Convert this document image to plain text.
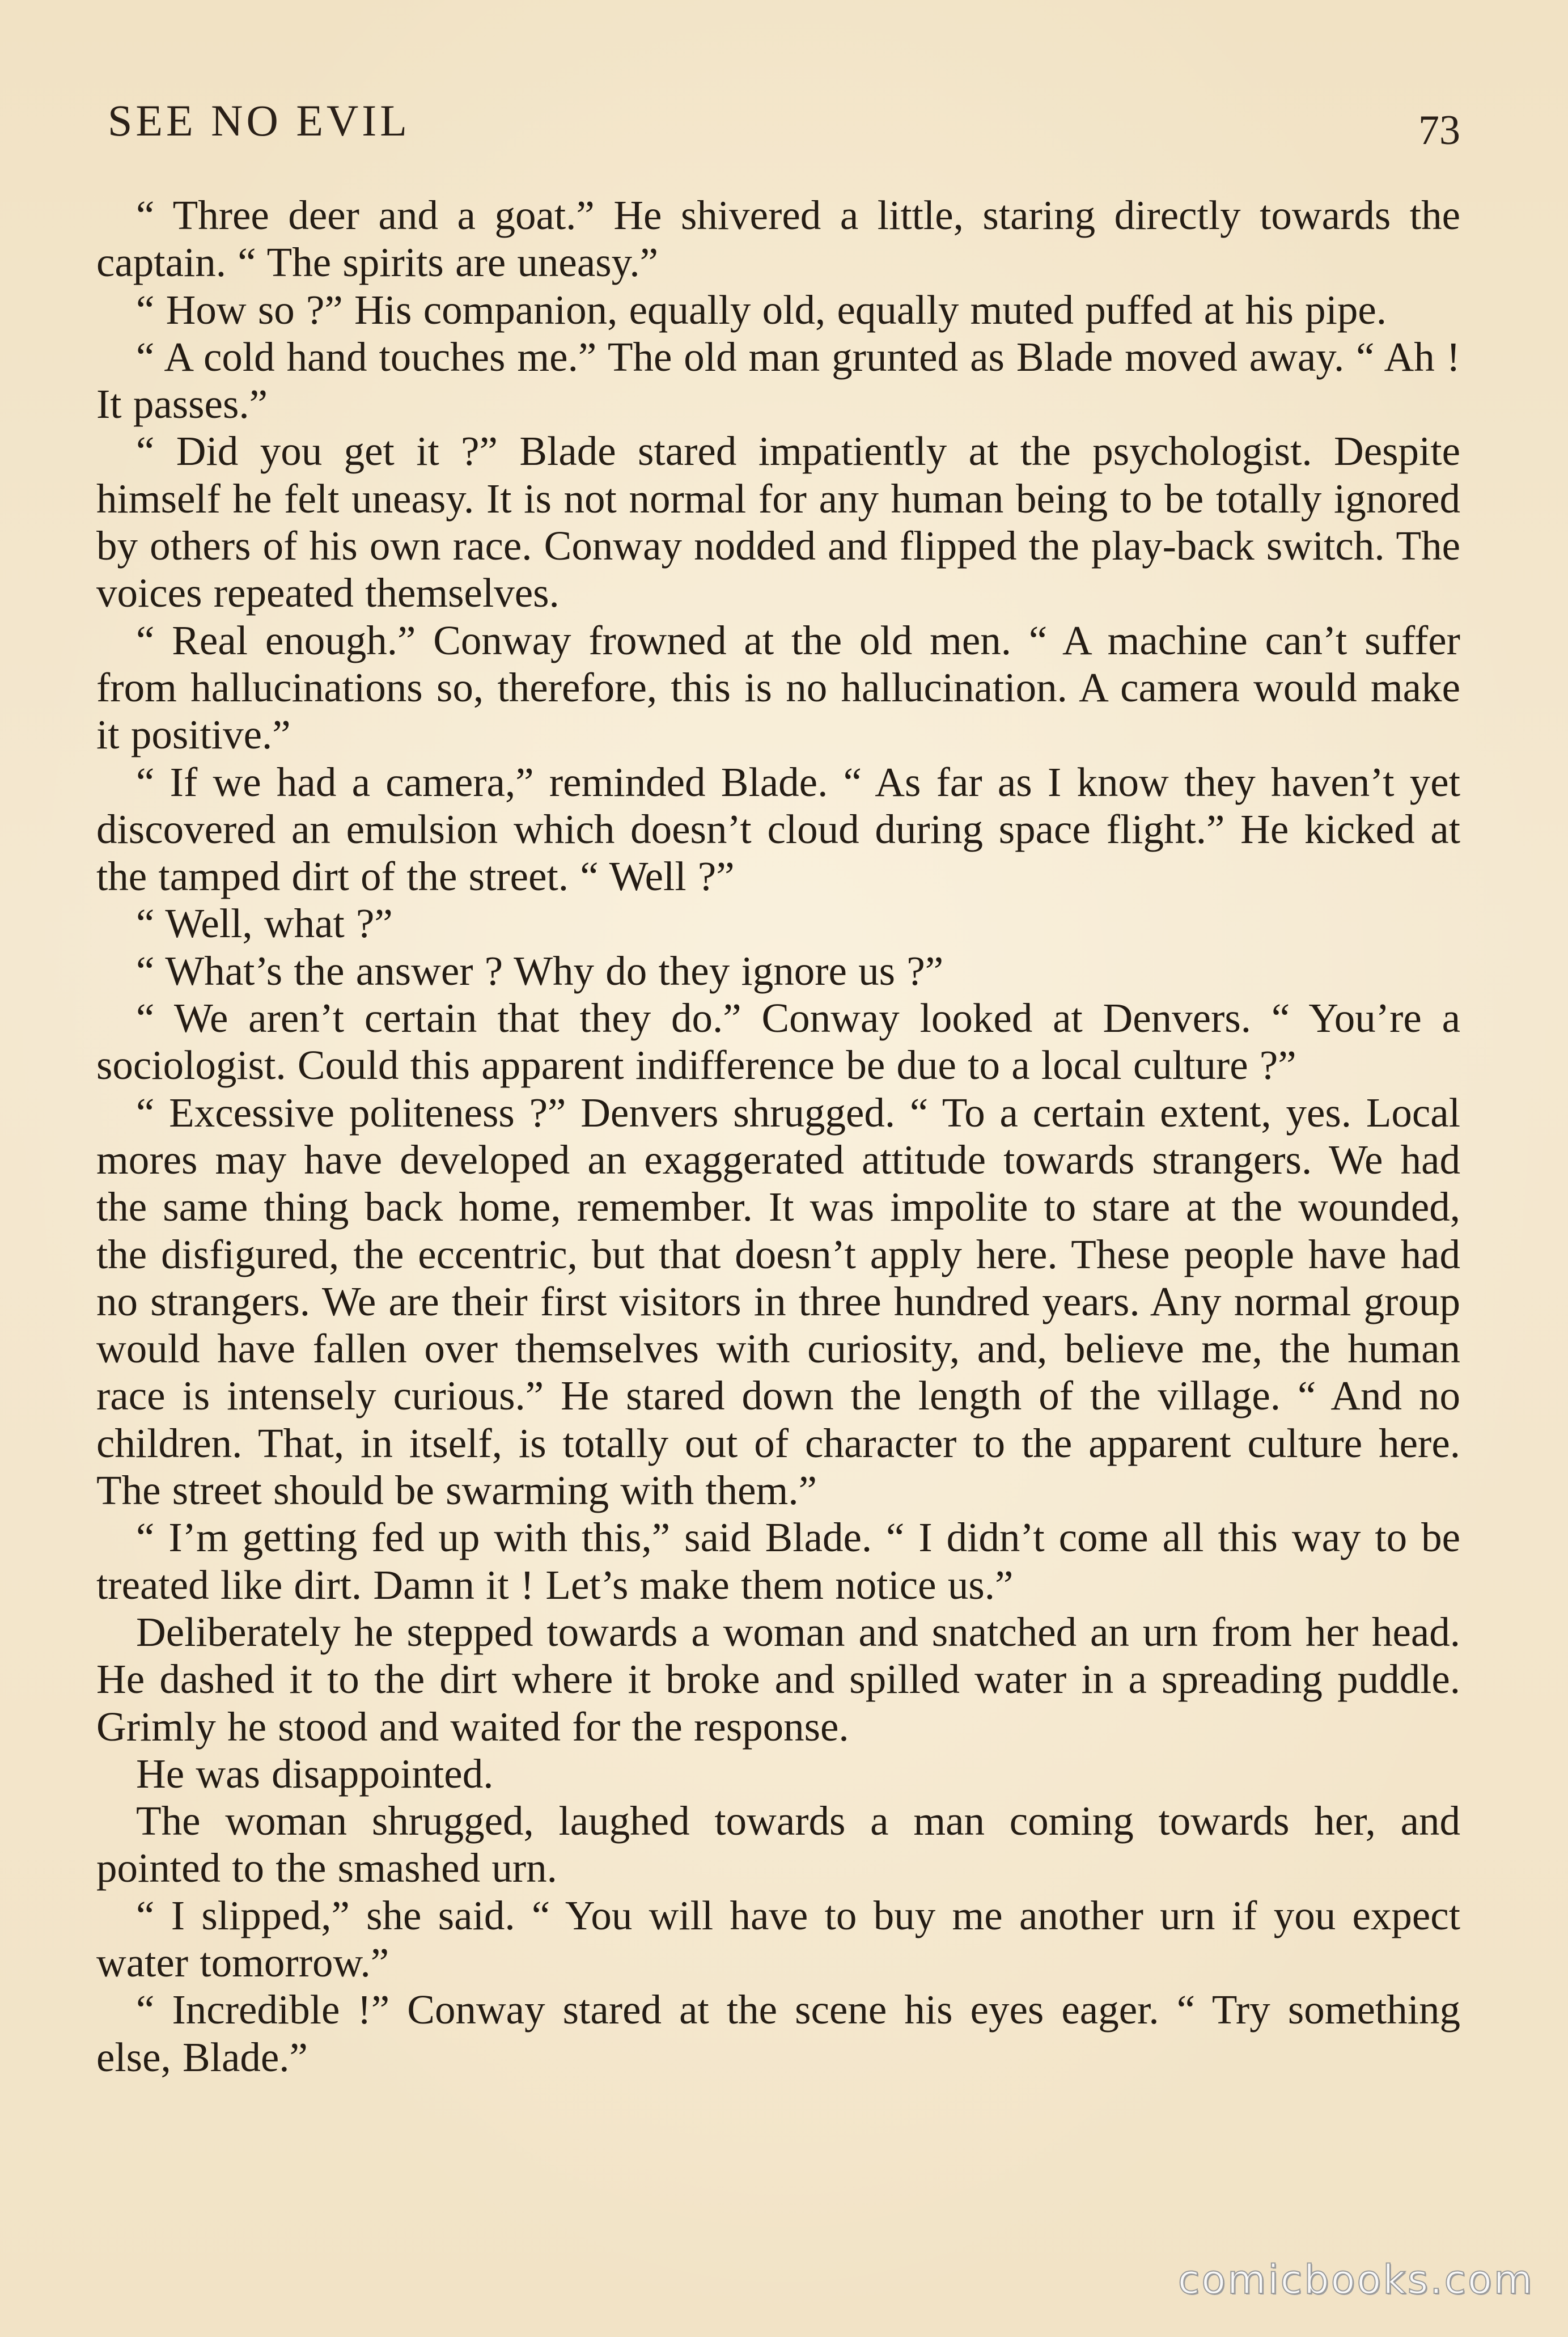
SEE NO EVIL	73

“ Three deer and a goat.” He shivered a little, staring directly towards the captain. “ The spirits are uneasy.”

“ How so ?” His companion, equally old, equally muted puffed at his pipe.

“ A cold hand touches me.” The old man grunted as Blade moved away. “ Ah ! It passes.”

“ Did you get it ?” Blade stared impatiently at the psychologist. Despite himself he felt uneasy. It is not normal for any human being to be totally ignored by others of his own race. Conway nodded and flipped the play-back switch. The voices repeated themselves.

“ Real enough.” Conway frowned at the old men. “ A machine can’t suffer from hallucinations so, therefore, this is no hallucination. A camera would make it positive.”

“ If we had a camera,” reminded Blade. “ As far as I know they haven’t yet discovered an emulsion which doesn’t cloud during space flight.” He kicked at the tamped dirt of the street. “ Well ?”

“ Well, what ?”

“ What’s the answer ? Why do they ignore us ?”

“ We aren’t certain that they do.” Conway looked at Denvers. “ You’re a sociologist. Could this apparent indifference be due to a local culture ?”

“ Excessive politeness ?” Denvers shrugged. “ To a certain extent, yes. Local mores may have developed an exaggerated attitude towards strangers. We had the same thing back home, remember. It was impolite to stare at the wounded, the disfigured, the eccentric, but that doesn’t apply here. These people have had no strangers. We are their first visitors in three hundred years. Any normal group would have fallen over themselves with curiosity, and, believe me, the human race is intensely curious.” He stared down the length of the village. “ And no children. That, in itself, is totally out of character to the apparent culture here. The street should be swarming with them.”

“ I’m getting fed up with this,” said Blade. “ I didn’t come all this way to be treated like dirt. Damn it ! Let’s make them notice us.”

Deliberately he stepped towards a woman and snatched an urn from her head. He dashed it to the dirt where it broke and spilled water in a spreading puddle. Grimly he stood and waited for the response.

He was disappointed.

The woman shrugged, laughed towards a man coming towards her, and pointed to the smashed urn.

“ I slipped,” she said. “ You will have to buy me another urn if you expect water tomorrow.”

“ Incredible !” Conway stared at the scene his eyes eager. “ Try something else, Blade.”

comicbooks.com
